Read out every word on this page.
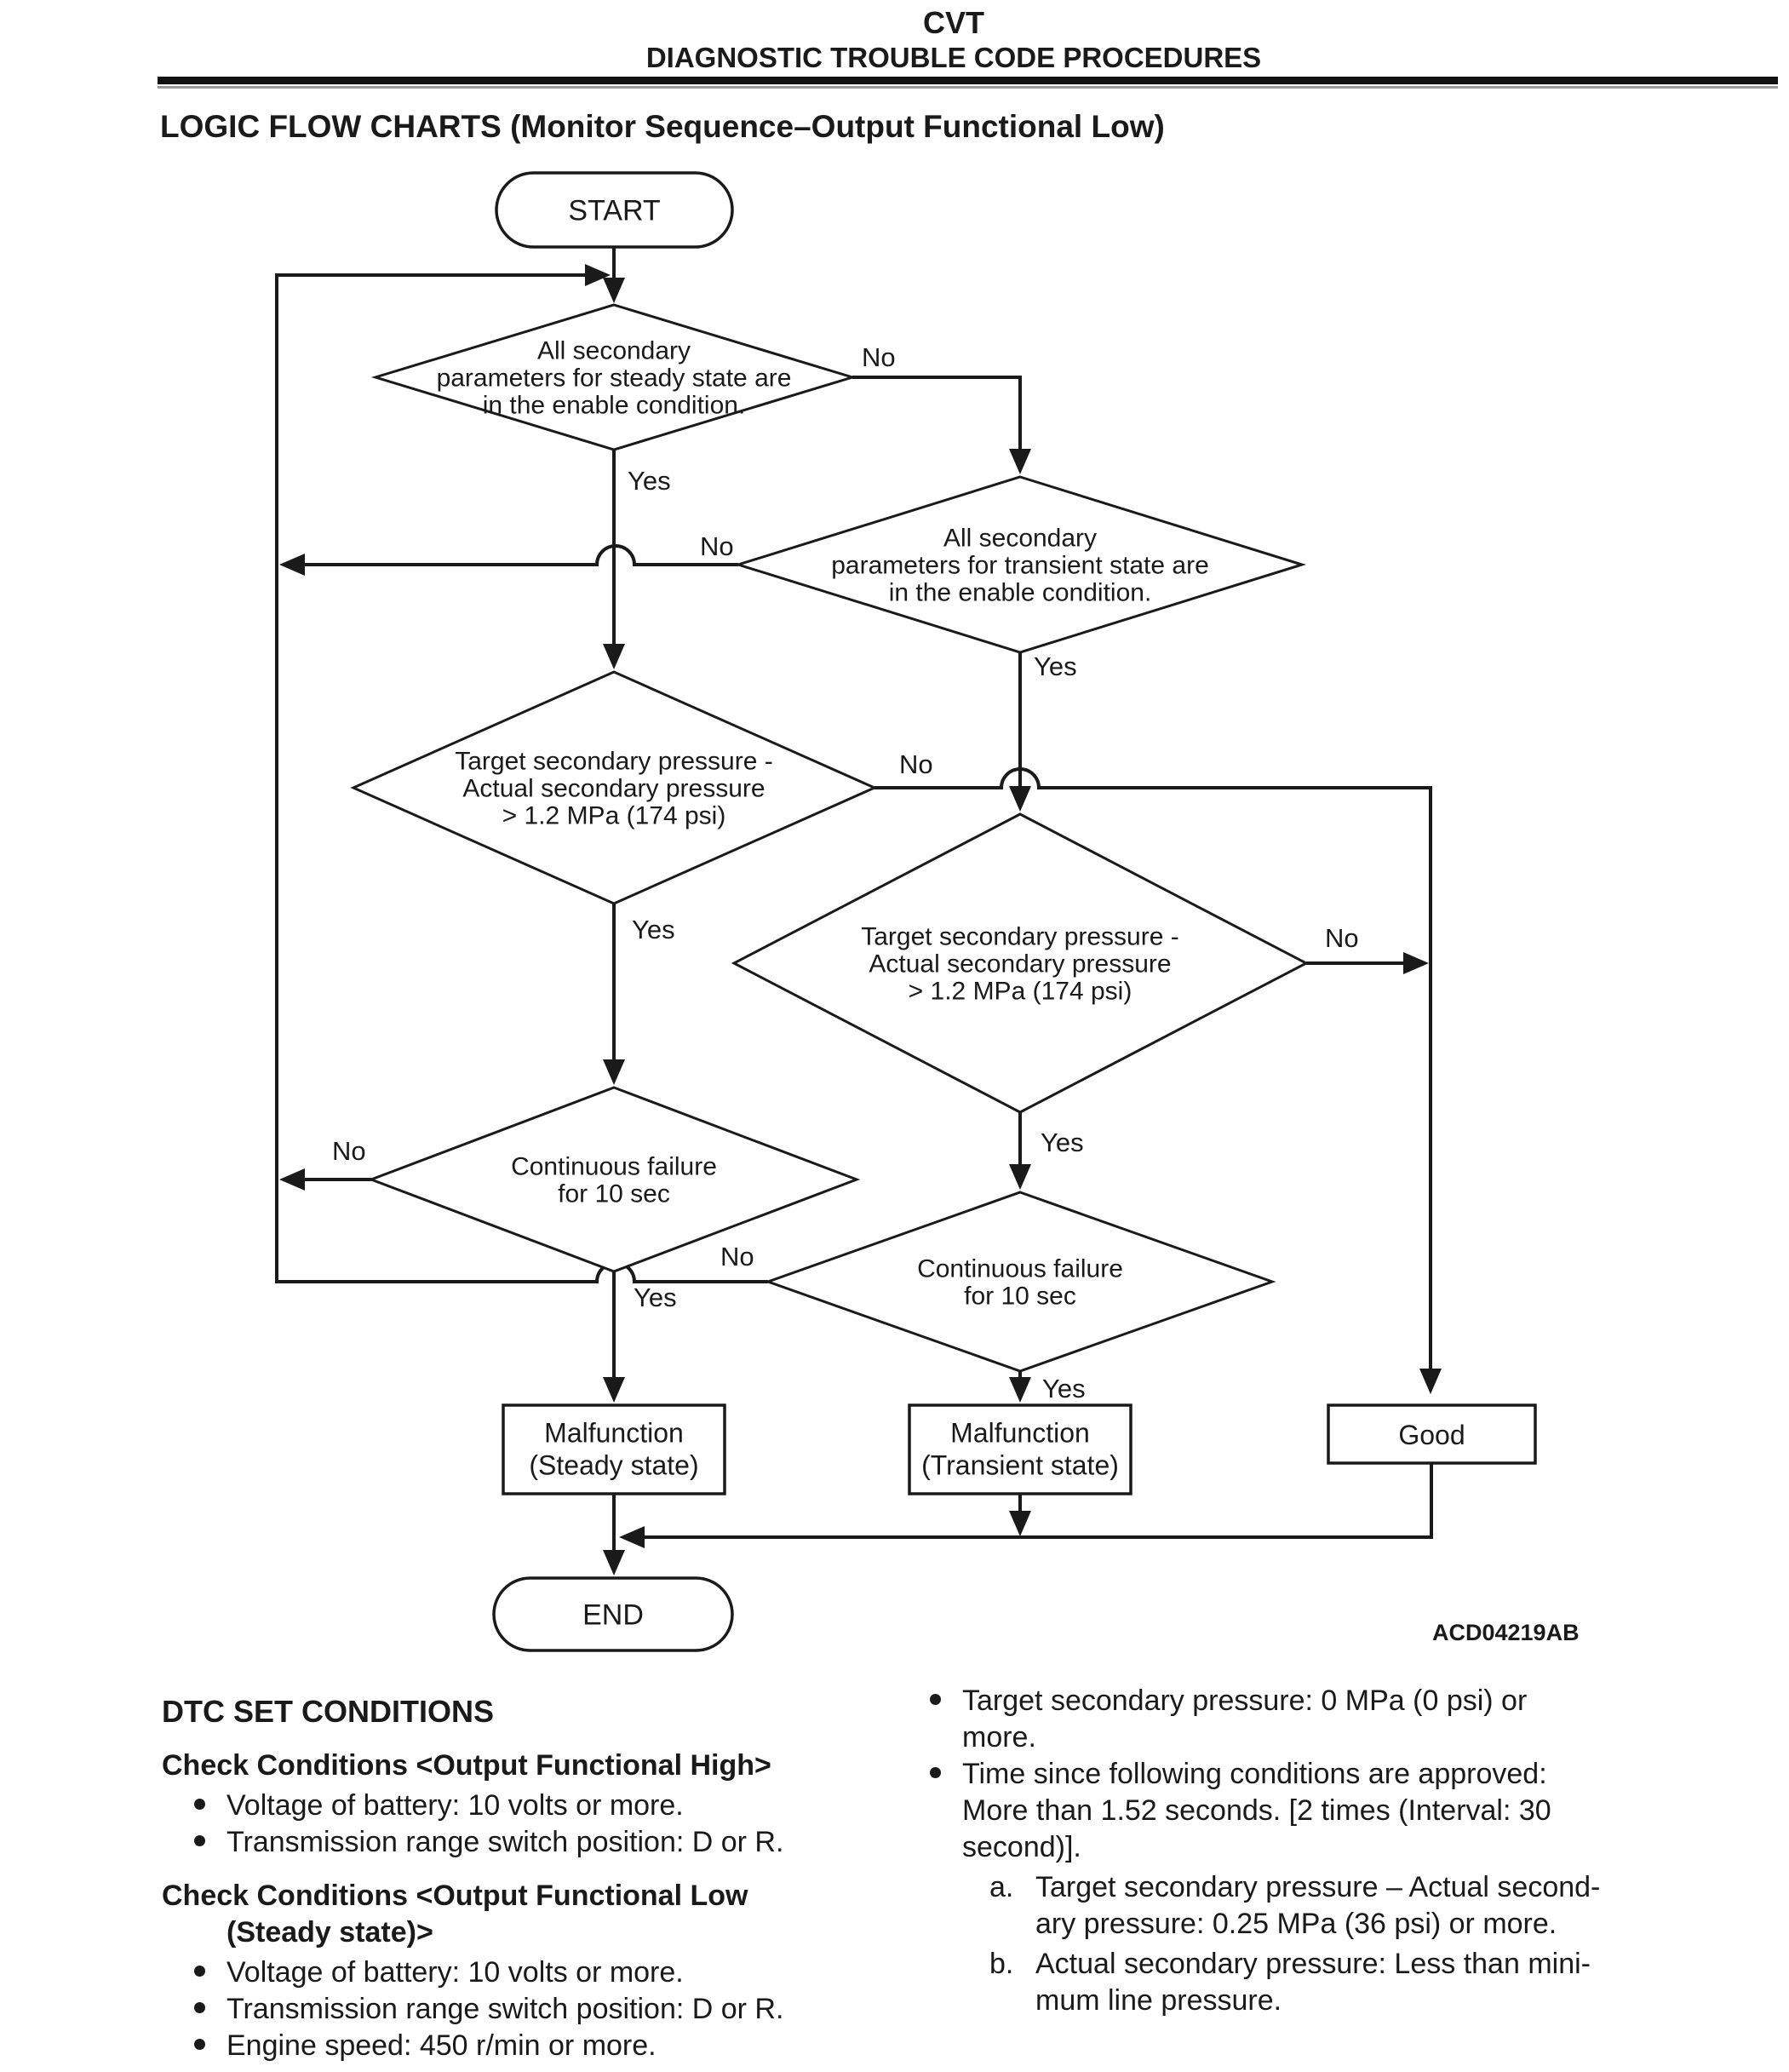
CVT
DIAGNOSTIC TROUBLE CODE PROCEDURES
LOGIC FLOW CHARTS (Monitor Sequence–Output Functional Low)
START
END
All secondary
parameters for steady state are
in the enable condition.
All secondary
parameters for transient state are
in the enable condition.
Target secondary pressure -
Actual secondary pressure
> 1.2 MPa (174 psi)
Target secondary pressure -
Actual secondary pressure
> 1.2 MPa (174 psi)
Continuous failure
for 10 sec
Continuous failure
for 10 sec
Malfunction
(Steady state)
Malfunction
(Transient state)
Good
Yes
No
No
Yes
No
Yes	No
Yes
No
Yes
No
Yes
ACD04219AB
DTC SET CONDITIONS
Check Conditions <Output Functional High>
Voltage of battery: 10 volts or more.
Transmission range switch position: D or R.
Check Conditions <Output Functional Low
(Steady state)>
Voltage of battery: 10 volts or more.
Transmission range switch position: D or R.
Engine speed: 450 r/min or more.
Target secondary pressure: 0 MPa (0 psi) or
more.
Time since following conditions are approved:
More than 1.52 seconds. [2 times (Interval: 30
second)].
Target secondary pressure – Actual second-
a.
ary pressure: 0.25 MPa (36 psi) or more.
Actual secondary pressure: Less than mini-
b.
mum line pressure.
